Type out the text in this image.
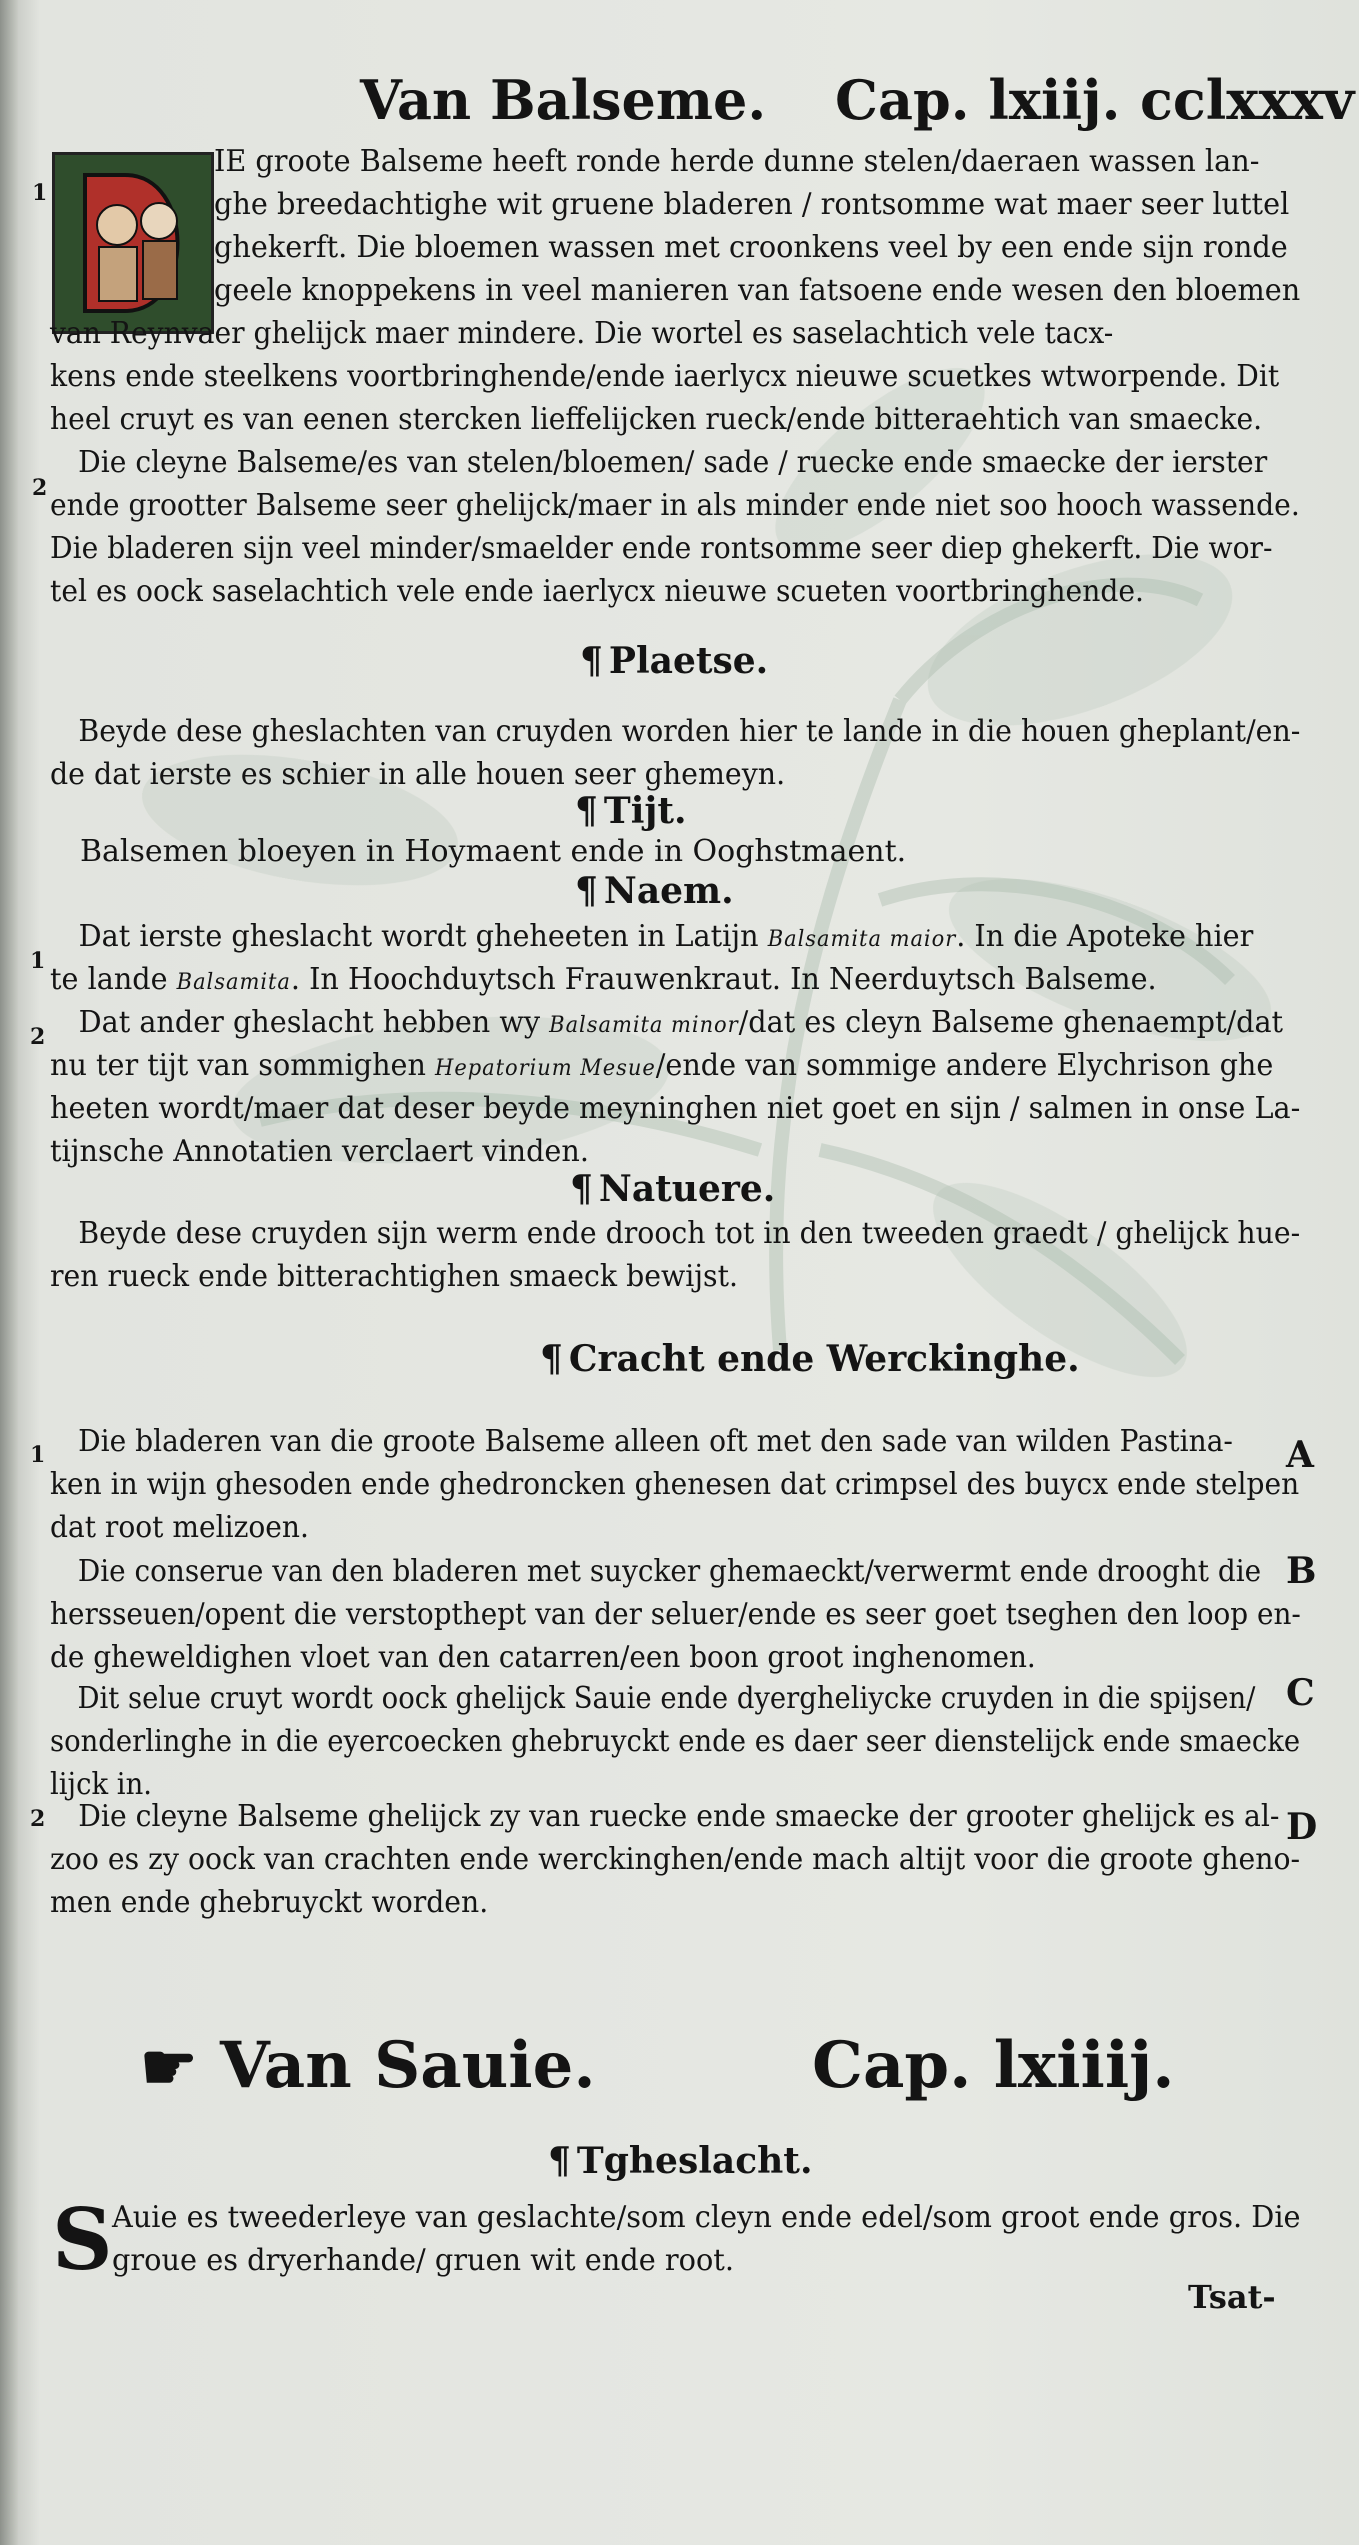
Van Balseme. Cap. lxiij. cclxxxv
1
2
1
2
1
2
IE groote Balseme heeft ronde herde dunne stelen/daeraen wassen lan-
ghe breedachtighe wit gruene bladeren / rontsomme wat maer seer luttel
ghekerft. Die bloemen wassen met croonkens veel by een ende sijn ronde
geele knoppekens in veel manieren van fatsoene ende wesen den bloemen
van Reynvaer ghelijck maer mindere. Die wortel es saselachtich vele tacx-
kens ende steelkens voortbringhende/ende iaerlycx nieuwe scuetkes wtworpende. Dit
heel cruyt es van eenen stercken lieffelijcken rueck/ende bitteraehtich van smaecke.
Die cleyne Balseme/es van stelen/bloemen/ sade / ruecke ende smaecke der ierster
ende grootter Balseme seer ghelijck/maer in als minder ende niet soo hooch wassende.
Die bladeren sijn veel minder/smaelder ende rontsomme seer diep ghekerft. Die wor-
tel es oock saselachtich vele ende iaerlycx nieuwe scueten voortbringhende.
¶ Plaetse.
Beyde dese gheslachten van cruyden worden hier te lande in die houen gheplant/en-
de dat ierste es schier in alle houen seer ghemeyn.
¶ Tijt.
Balsemen bloeyen in Hoymaent ende in Ooghstmaent.
¶ Naem.
Dat ierste gheslacht wordt gheheeten in Latijn Balsamita maior. In die Apoteke hier
te lande Balsamita. In Hoochduytsch Frauwenkraut. In Neerduytsch Balseme.
Dat ander gheslacht hebben wy Balsamita minor/dat es cleyn Balseme ghenaempt/dat
nu ter tijt van sommighen Hepatorium Mesue/ende van sommige andere Elychrison ghe
heeten wordt/maer dat deser beyde meyninghen niet goet en sijn / salmen in onse La-
tijnsche Annotatien verclaert vinden.
¶ Natuere.
Beyde dese cruyden sijn werm ende drooch tot in den tweeden graedt / ghelijck hue-
ren rueck ende bitterachtighen smaeck bewijst.
¶ Cracht ende Werckinghe.
Die bladeren van die groote Balseme alleen oft met den sade van wilden Pastina-
ken in wijn ghesoden ende ghedroncken ghenesen dat crimpsel des buycx ende stelpen
dat root melizoen.
A
Die conserue van den bladeren met suycker ghemaeckt/verwermt ende drooght die
hersseuen/opent die verstopthept van der seluer/ende es seer goet tseghen den loop en-
de gheweldighen vloet van den catarren/een boon groot inghenomen.
B
Dit selue cruyt wordt oock ghelijck Sauie ende dyergheliycke cruyden in die spijsen/
sonderlinghe in die eyercoecken ghebruyckt ende es daer seer dienstelijck ende smaecke
lijck in.
C
Die cleyne Balseme ghelijck zy van ruecke ende smaecke der grooter ghelijck es al-
zoo es zy oock van crachten ende werckinghen/ende mach altijt voor die groote gheno-
men ende ghebruyckt worden.
D
☛ Van Sauie.	Cap. lxiiij.
¶ Tgheslacht.
S Auie es tweederleye van geslachte/som cleyn ende edel/som groot ende gros. Die
groue es dryerhande/ gruen wit ende root.
Tsat-
